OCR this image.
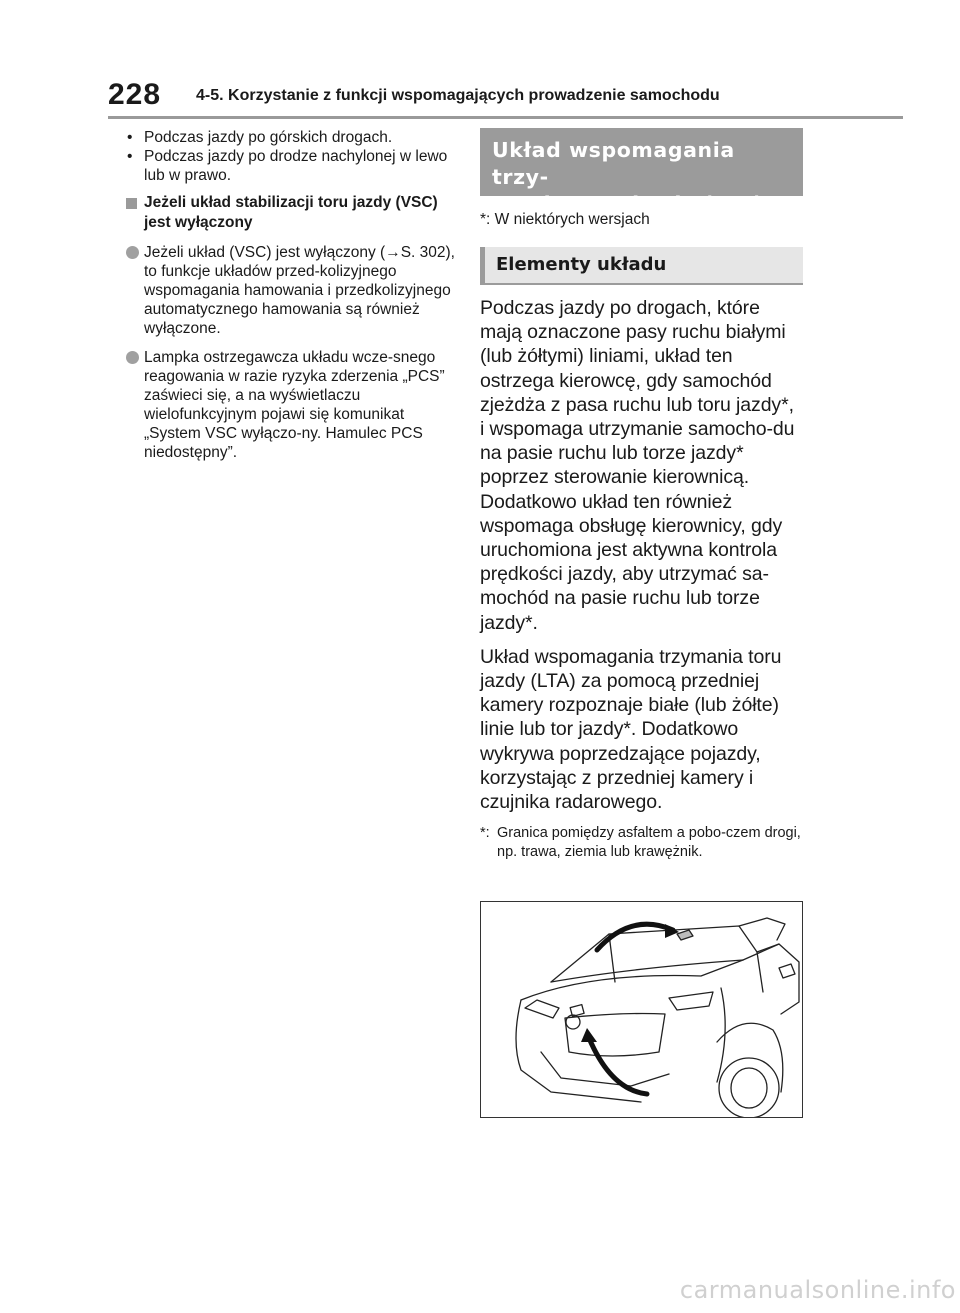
228 4-5. Korzystanie z funkcji wspomagających prowadzenie samochodu
• Podczas jazdy po górskich drogach.
• Podczas jazdy po drodze nachylonej w lewo lub w prawo.
Jeżeli układ stabilizacji toru jazdy (VSC) jest wyłączony
Jeżeli układ (VSC) jest wyłączony (→S. 302), to funkcje układów przed-kolizyjnego wspomagania hamowania i przedkolizyjnego automatycznego hamowania są również wyłączone.
Lampka ostrzegawcza układu wcze-snego reagowania w razie ryzyka zderzenia „PCS” zaświeci się, a na wyświetlaczu wielofunkcyjnym pojawi się komunikat „System VSC wyłączo-ny. Hamulec PCS niedostępny”.
Układ wspomagania trzy-
mania toru jazdy (LTA)*
*: W niektórych wersjach
Elementy układu
Podczas jazdy po drogach, które mają oznaczone pasy ruchu białymi (lub żółtymi) liniami, układ ten ostrzega kierowcę, gdy samochód zjeżdża z pasa ruchu lub toru jazdy*, i wspomaga utrzymanie samocho-du na pasie ruchu lub torze jazdy* poprzez sterowanie kierownicą. Dodatkowo układ ten również wspomaga obsługę kierownicy, gdy uruchomiona jest aktywna kontrola prędkości jazdy, aby utrzymać sa-mochód na pasie ruchu lub torze jazdy*.
Układ wspomagania trzymania toru jazdy (LTA) za pomocą przedniej kamery rozpoznaje białe (lub żółte) linie lub tor jazdy*. Dodatkowo wykrywa poprzedzające pojazdy, korzystając z przedniej kamery i czujnika radarowego.
*: Granica pomiędzy asfaltem a pobo-czem drogi, np. trawa, ziemia lub krawężnik.
carmanualsonline.info
